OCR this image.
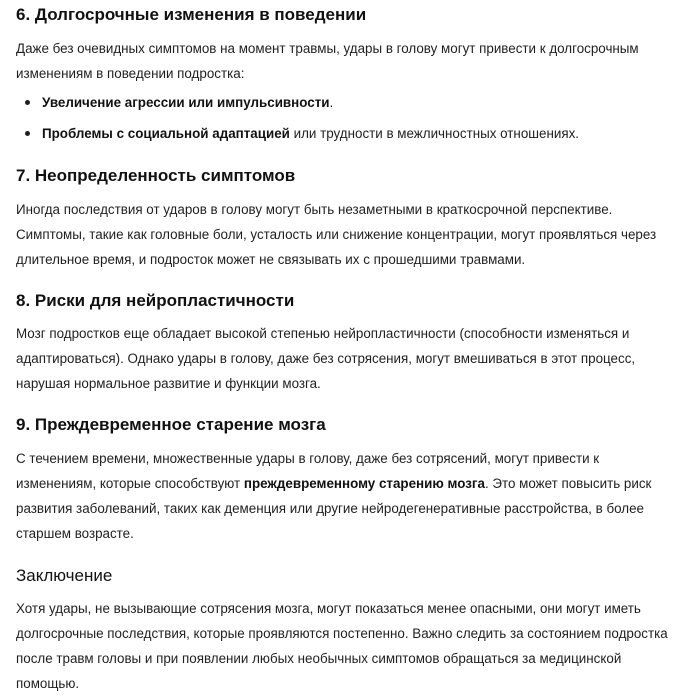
6. Долгосрочные изменения в поведении

Даже без очевидных симптомов на момент травмы, удары в голову могут привести к долгосрочным
изменениям в поведении подростка:

Увеличение агрессии или импульсивности.
Проблемы с социальной адаптацией или трудности в межличностных отношениях.
7. Неопределенность симптомов

Иногда последствия от ударов в голову могут быть незаметными в краткосрочной перспективе.
Симптомы, такие как головные боли, усталость или снижение концентрации, могут проявляться через
длительное время, и подросток может не связывать их с прошедшими травмами.

8. Риски для нейропластичности

Мозг подростков еще обладает высокой степенью нейропластичности (способности изменяться и
адаптироваться). Однако удары в голову, даже без сотрясения, могут вмешиваться в этот процесс,
нарушая нормальное развитие и функции мозга.

9. Преждевременное старение мозга

С течением времени, множественные удары в голову, даже без сотрясений, могут привести к
изменениям, которые способствуют преждевременному старению мозга. Это может повысить риск
развития заболеваний, таких как деменция или другие нейродегенеративные расстройства, в более
старшем возрасте.

Заключение

Хотя удары, не вызывающие сотрясения мозга, могут показаться менее опасными, они могут иметь
долгосрочные последствия, которые проявляются постепенно. Важно следить за состоянием подростка
после травм головы и при появлении любых необычных симптомов обращаться за медицинской
помощью.
